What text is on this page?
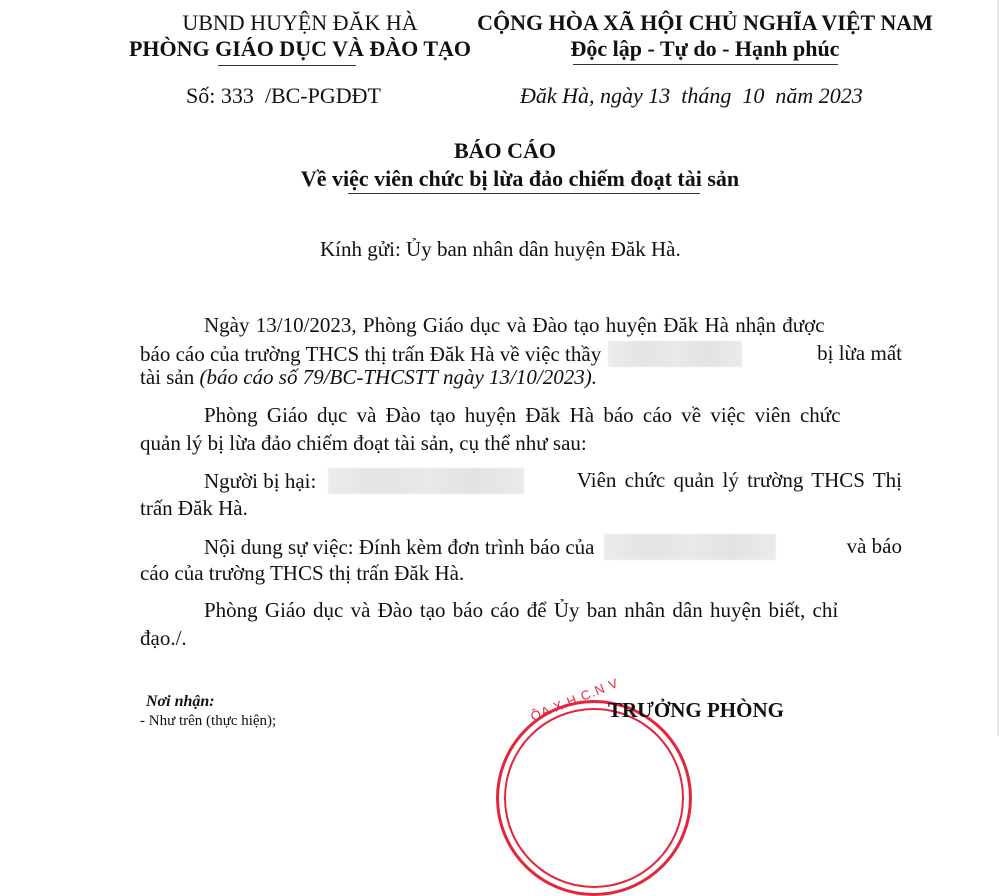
UBND HUYỆN ĐĂK HÀ
PHÒNG GIÁO DỤC VÀ ĐÀO TẠO
Số: 333  /BC-PGDĐT
CỘNG HÒA XÃ HỘI CHỦ NGHĨA VIỆT NAM
Độc lập - Tự do - Hạnh phúc
Đăk Hà, ngày 13  tháng  10  năm 2023
BÁO CÁO
Về việc viên chức bị lừa đảo chiếm đoạt tài sản
Kính gửi: Ủy ban nhân dân huyện Đăk Hà.
Ngày 13/10/2023, Phòng Giáo dục và Đào tạo huyện Đăk Hà nhận được
báo cáo của trường THCS thị trấn Đăk Hà về việc thầy	bị lừa mất
tài sản (báo cáo số 79/BC-THCSTT ngày 13/10/2023).
Phòng Giáo dục và Đào tạo huyện Đăk Hà báo cáo về việc viên chức
quản lý bị lừa đảo chiếm đoạt tài sản, cụ thể như sau:
Người bị hại:	Viên chức quản lý trường THCS Thị
trấn Đăk Hà.
Nội dung sự việc: Đính kèm đơn trình báo của	và báo
cáo của trường THCS thị trấn Đăk Hà.
Phòng Giáo dục và Đào tạo báo cáo để Ủy ban nhân dân huyện biết, chỉ
đạo./.
Nơi nhận:
- Như trên (thực hiện);	ỘA X.H.C.N V
TRƯỞNG PHÒNG
